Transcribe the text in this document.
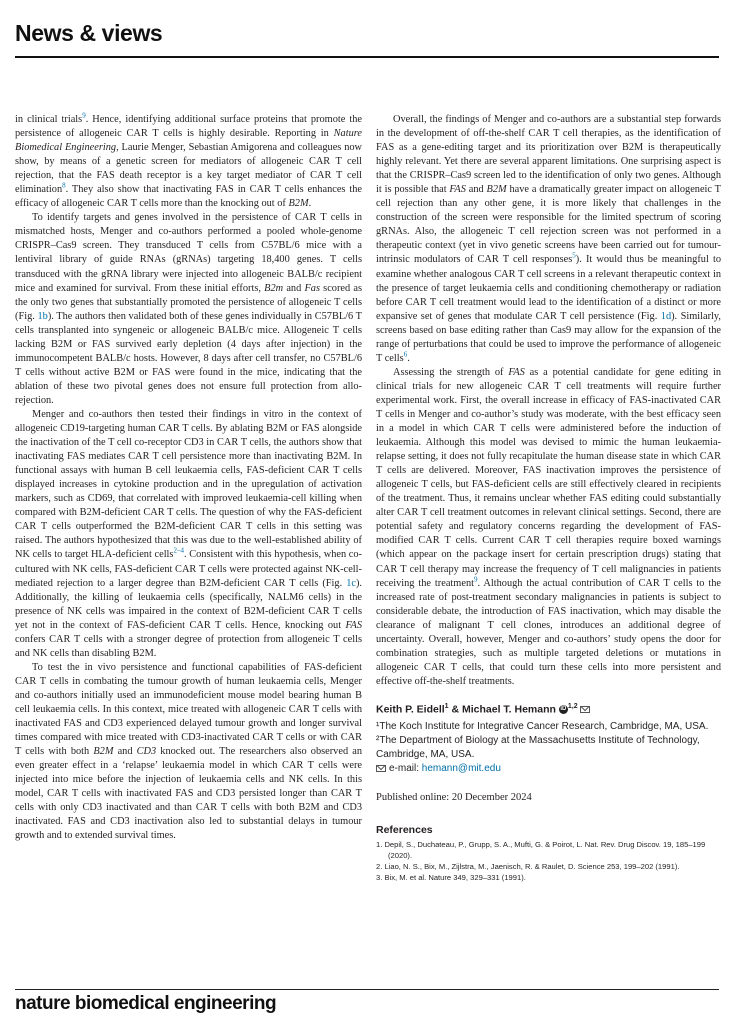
News & views

in clinical trials$^9$. Hence, identifying additional surface proteins that promote the persistence of allogeneic CAR T cells is highly desirable. Reporting in Nature Biomedical Engineering, Laurie Menger, Sebastian Amigorena and colleagues now show, by means of a genetic screen for mediators of allogeneic CAR T cell rejection, that the FAS death receptor is a key target mediator of CAR T cell elimination$^8$. They also show that inactivating FAS in CAR T cells enhances the efficacy of allogeneic CAR T cells more than the knocking out of B2M.

To identify targets and genes involved in the persistence of CAR T cells in mismatched hosts, Menger and co-authors performed a pooled whole-genome CRISPR–Cas9 screen. They transduced T cells from C57BL/6 mice with a lentiviral library of guide RNAs (gRNAs) targeting 18,400 genes. T cells transduced with the gRNA library were injected into allogeneic BALB/c recipient mice and examined for survival. From these initial efforts, B2m and Fas scored as the only two genes that substantially promoted the persistence of allogeneic T cells (Fig. 1b). The authors then validated both of these genes individually in C57BL/6 T cells transplanted into syngeneic or allogeneic BALB/c mice. Allogeneic T cells lacking B2M or FAS survived early depletion (4 days after injection) in the immunocompetent BALB/c hosts. However, 8 days after cell transfer, no C57BL/6 T cells without active B2M or FAS were found in the mice, indicating that the ablation of these two pivotal genes does not ensure full protection from allo-rejection.

Menger and co-authors then tested their findings in vitro in the context of allogeneic CD19-targeting human CAR T cells. By ablating B2M or FAS alongside the inactivation of the T cell co-receptor CD3 in CAR T cells, the authors show that inactivating FAS mediates CAR T cell persistence more than inactivating B2M. In functional assays with human B cell leukaemia cells, FAS-deficient CAR T cells displayed increases in cytokine production and in the upregulation of activation markers, such as CD69, that correlated with improved leukaemia-cell killing when compared with B2M-deficient CAR T cells. The question of why the FAS-deficient CAR T cells outperformed the B2M-deficient CAR T cells in this setting was raised. The authors hypothesized that this was due to the well-established ability of NK cells to target HLA-deficient cells$^{2-4}$. Consistent with this hypothesis, when co-cultured with NK cells, FAS-deficient CAR T cells were protected against NK-cell-mediated rejection to a larger degree than B2M-deficient CAR T cells (Fig. 1c). Additionally, the killing of leukaemia cells (specifically, NALM6 cells) in the presence of NK cells was impaired in the context of B2M-deficient CAR T cells yet not in the context of FAS-deficient CAR T cells. Hence, knocking out FAS confers CAR T cells with a stronger degree of protection from allogeneic T cells and NK cells than disabling B2M.

To test the in vivo persistence and functional capabilities of FAS-deficient CAR T cells in combating the tumour growth of human leukaemia cells, Menger and co-authors initially used an immunodeficient mouse model bearing human B cell leukaemia cells. In this context, mice treated with allogeneic CAR T cells with inactivated FAS and CD3 experienced delayed tumour growth and longer survival times compared with mice treated with CD3-inactivated CAR T cells or with CAR T cells with both B2M and CD3 knocked out. The researchers also observed an even greater effect in a ‘relapse’ leukaemia model in which CAR T cells were injected into mice before the injection of leukaemia cells and NK cells. In this model, CAR T cells with inactivated FAS and CD3 persisted longer than CAR T cells with only CD3 inactivated and than CAR T cells with both B2M and CD3 inactivated. FAS and CD3 inactivation also led to substantial delays in tumour growth and to extended survival times.

Overall, the findings of Menger and co-authors are a substantial step forwards in the development of off-the-shelf CAR T cell therapies, as the identification of FAS as a gene-editing target and its prioritization over B2M is therapeutically highly relevant. Yet there are several apparent limitations. One surprising aspect is that the CRISPR–Cas9 screen led to the identification of only two genes. Although it is possible that FAS and B2M have a dramatically greater impact on allogeneic T cell rejection than any other gene, it is more likely that challenges in the construction of the screen were responsible for the limited spectrum of scoring gRNAs. Also, the allogeneic T cell rejection screen was not performed in a therapeutic context (yet in vivo genetic screens have been carried out for tumour-intrinsic modulators of CAR T cell responses$^5$). It would thus be meaningful to examine whether analogous CAR T cell screens in a relevant therapeutic context in the presence of target leukaemia cells and conditioning chemotherapy or radiation before CAR T cell treatment would lead to the identification of a distinct or more expansive set of genes that modulate CAR T cell persistence (Fig. 1d). Similarly, screens based on base editing rather than Cas9 may allow for the expansion of the range of perturbations that could be used to improve the performance of allogeneic T cells$^6$.

Assessing the strength of FAS as a potential candidate for gene editing in clinical trials for new allogeneic CAR T cell treatments will require further experimental work. First, the overall increase in efficacy of FAS-inactivated CAR T cells in Menger and co-author’s study was moderate, with the best efficacy seen in a model in which CAR T cells were administered before the induction of leukaemia. Although this model was devised to mimic the human leukaemia-relapse setting, it does not fully recapitulate the human disease state in which CAR T cells are delivered. Moreover, FAS inactivation improves the persistence of allogeneic T cells, but FAS-deficient cells are still effectively cleared in recipients of the treatment. Thus, it remains unclear whether FAS editing could substantially alter CAR T cell treatment outcomes in relevant clinical settings. Second, there are potential safety and regulatory concerns regarding the development of FAS-modified CAR T cells. Current CAR T cell therapies require boxed warnings (which appear on the package insert for certain prescription drugs) stating that CAR T cell therapy may increase the frequency of T cell malignancies in patients receiving the treatment$^9$. Although the actual contribution of CAR T cells to the increased rate of post-treatment secondary malignancies in patients is subject to considerable debate, the introduction of FAS inactivation, which may disable the clearance of malignant T cell clones, introduces an additional degree of uncertainty. Overall, however, Menger and co-authors’ study opens the door for combination strategies, such as multiple targeted deletions or mutations in allogeneic CAR T cells, that could turn these cells into more persistent and effective off-the-shelf treatments.

Keith P. Eidell$^1$ & Michael T. Hemann iD $^{1,2}$
¹The Koch Institute for Integrative Cancer Research, Cambridge, MA, USA. ²The Department of Biology at the Massachusetts Institute of Technology, Cambridge, MA, USA.
e-mail: hemann@mit.edu
Published online: 20 December 2024
References
1. Depil, S., Duchateau, P., Grupp, S. A., Mufti, G. & Poirot, L. Nat. Rev. Drug Discov. 19, 185–199 (2020).
2. Liao, N. S., Bix, M., Zijlstra, M., Jaenisch, R. & Raulet, D. Science 253, 199–202 (1991).
3. Bix, M. et al. Nature 349, 329–331 (1991).
nature biomedical engineering
